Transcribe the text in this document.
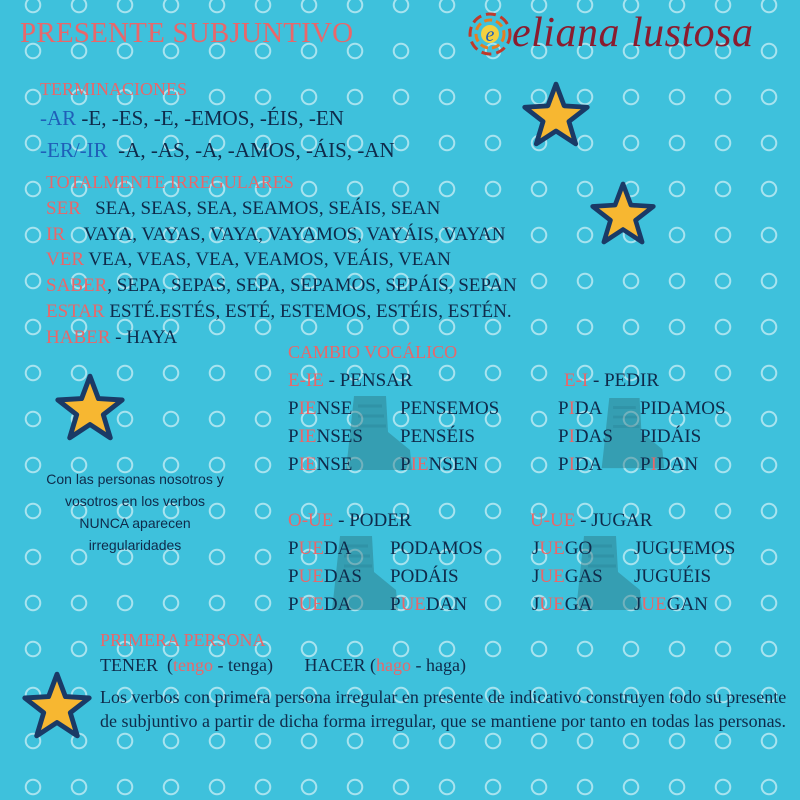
PRESENTE SUBJUNTIVO	e eliana lustosa
TERMINACIONES
-AR -E, -ES, -E, -EMOS, -ÉIS, -EN
-ER/-IR -A, -AS, -A, -AMOS, -ÁIS, -AN
TOTALMENTE IRREGULARES
SER SEA, SEAS, SEA, SEAMOS, SEÁIS, SEAN
IR VAYA, VAYAS, VAYA, VAYAMOS, VAYÁIS, VAYAN
VER VEA, VEAS, VEA, VEAMOS, VEÁIS, VEAN
SABER, SEPA, SEPAS, SEPA, SEPAMOS, SEPÁIS, SEPAN
ESTAR ESTÉ.ESTÉS, ESTÉ, ESTEMOS, ESTÉIS, ESTÉN.
HABER - HAYA
CAMBIO VOCÁLICO
E-IE - PENSAR
PIENSE	PENSEMOS
PIENSES PENSÉIS
PIENSE	PIENSEN
E-I - PEDIR
PIDA PIDAMOS
PIDAS PIDÁIS
PIDA PIDAN
O-UE - PODER
PUEDA PODAMOS
PUEDAS PODÁIS
PUEDA PUEDAN
U-UE - JUGAR
JUEGO JUGUEMOS
JUEGAS JUGUÉIS
JUEGA JUEGAN
Con las personas nosotros y vosotros en los verbos NUNCA aparecen irregularidades
PRIMERA PERSONA
TENER (tengo - tenga) HACER (hago - haga)
Los verbos con primera persona irregular en presente de indicativo construyen todo su presente de subjuntivo a partir de dicha forma irregular, que se mantiene por tanto en todas las personas.
